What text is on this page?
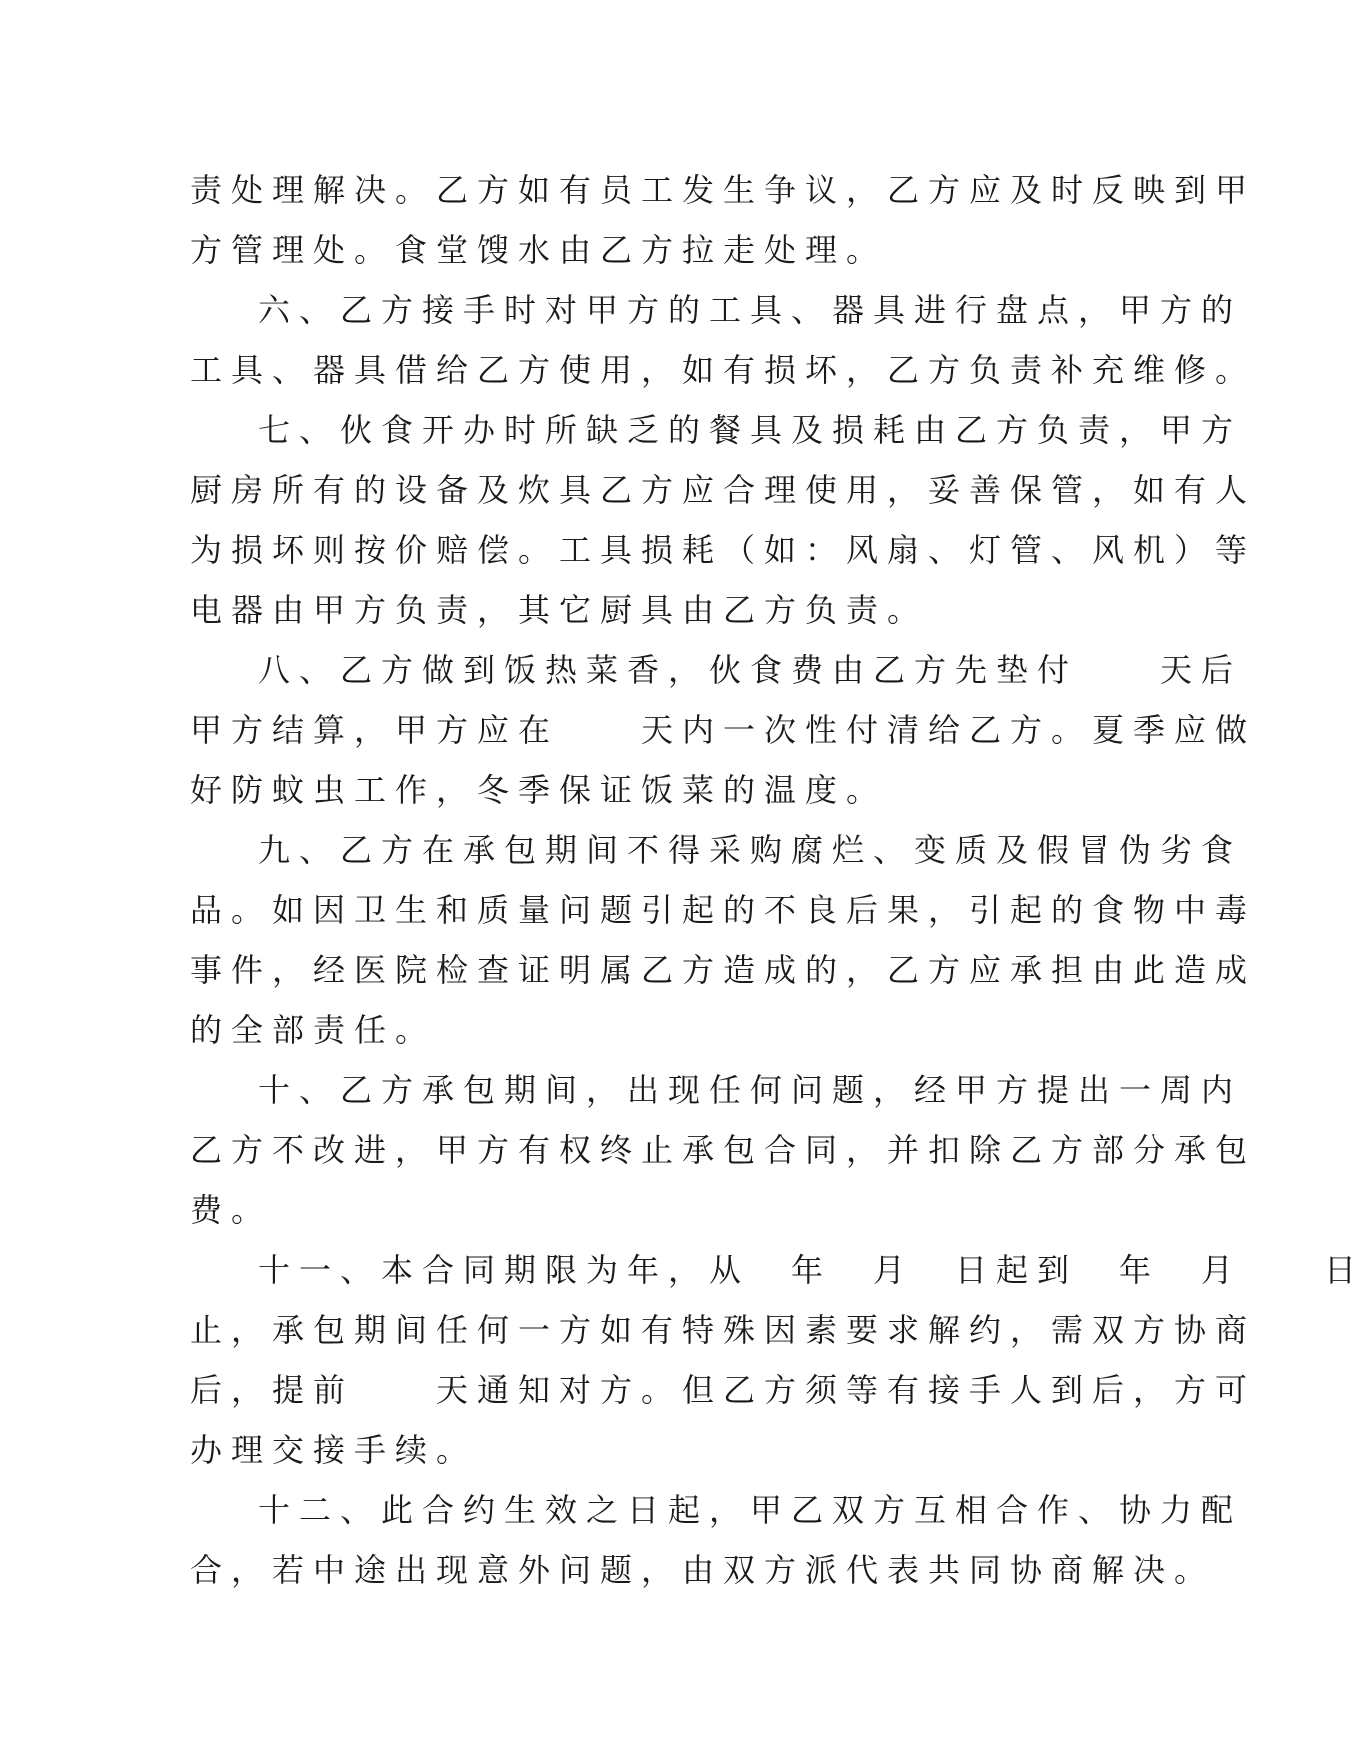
责处理解决。乙方如有员工发生争议，乙方应及时反映到甲
方管理处。食堂馊水由乙方拉走处理。
六、乙方接手时对甲方的工具、器具进行盘点，甲方的
工具、器具借给乙方使用，如有损坏，乙方负责补充维修。
七、伙食开办时所缺乏的餐具及损耗由乙方负责，甲方
厨房所有的设备及炊具乙方应合理使用，妥善保管，如有人
为损坏则按价赔偿。工具损耗（如：风扇、灯管、风机）等
电器由甲方负责，其它厨具由乙方负责。
八、乙方做到饭热菜香，伙食费由乙方先垫付　　天后
甲方结算，甲方应在　　天内一次性付清给乙方。夏季应做
好防蚊虫工作，冬季保证饭菜的温度。
九、乙方在承包期间不得采购腐烂、变质及假冒伪劣食
品。如因卫生和质量问题引起的不良后果，引起的食物中毒
事件，经医院检查证明属乙方造成的，乙方应承担由此造成
的全部责任。
十、乙方承包期间，出现任何问题，经甲方提出一周内
乙方不改进，甲方有权终止承包合同，并扣除乙方部分承包
费。
十一、本合同期限为年，从　年　月　日起到　年　月　　日
止，承包期间任何一方如有特殊因素要求解约，需双方协商
后，提前　　天通知对方。但乙方须等有接手人到后，方可
办理交接手续。
十二、此合约生效之日起，甲乙双方互相合作、协力配
合，若中途出现意外问题，由双方派代表共同协商解决。
